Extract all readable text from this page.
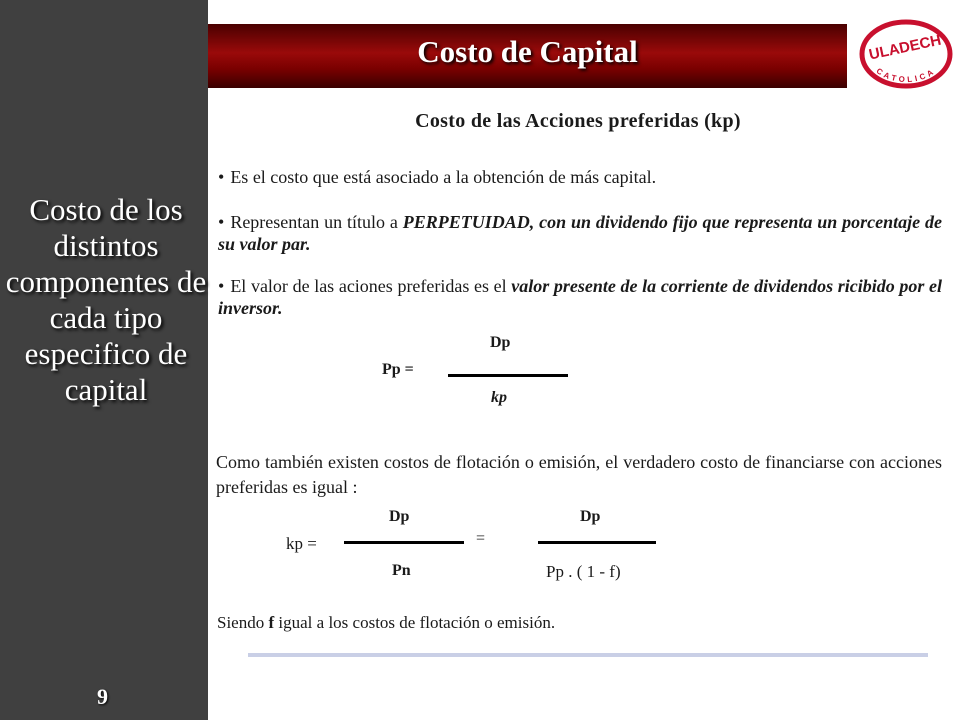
Costo de los distintos componentes de cada tipo especifico de capital
9
Costo de Capital	ULADECH
CATOLICA
Costo de las Acciones preferidas (kp)
• Es el costo que está asociado a la obtención de más capital.
• Representan un título a PERPETUIDAD, con un dividendo fijo que representa un porcentaje de su valor par.
• El valor de las aciones preferidas es el valor presente de la corriente de dividendos ricibido por el inversor.
Pp =
Dp
kp
Como también existen costos de flotación o emisión, el verdadero costo de financiarse con acciones preferidas es igual :
kp =
Dp
Pn
=
Dp
Pp . ( 1 - f)
Siendo f igual a los costos de flotación o emisión.
